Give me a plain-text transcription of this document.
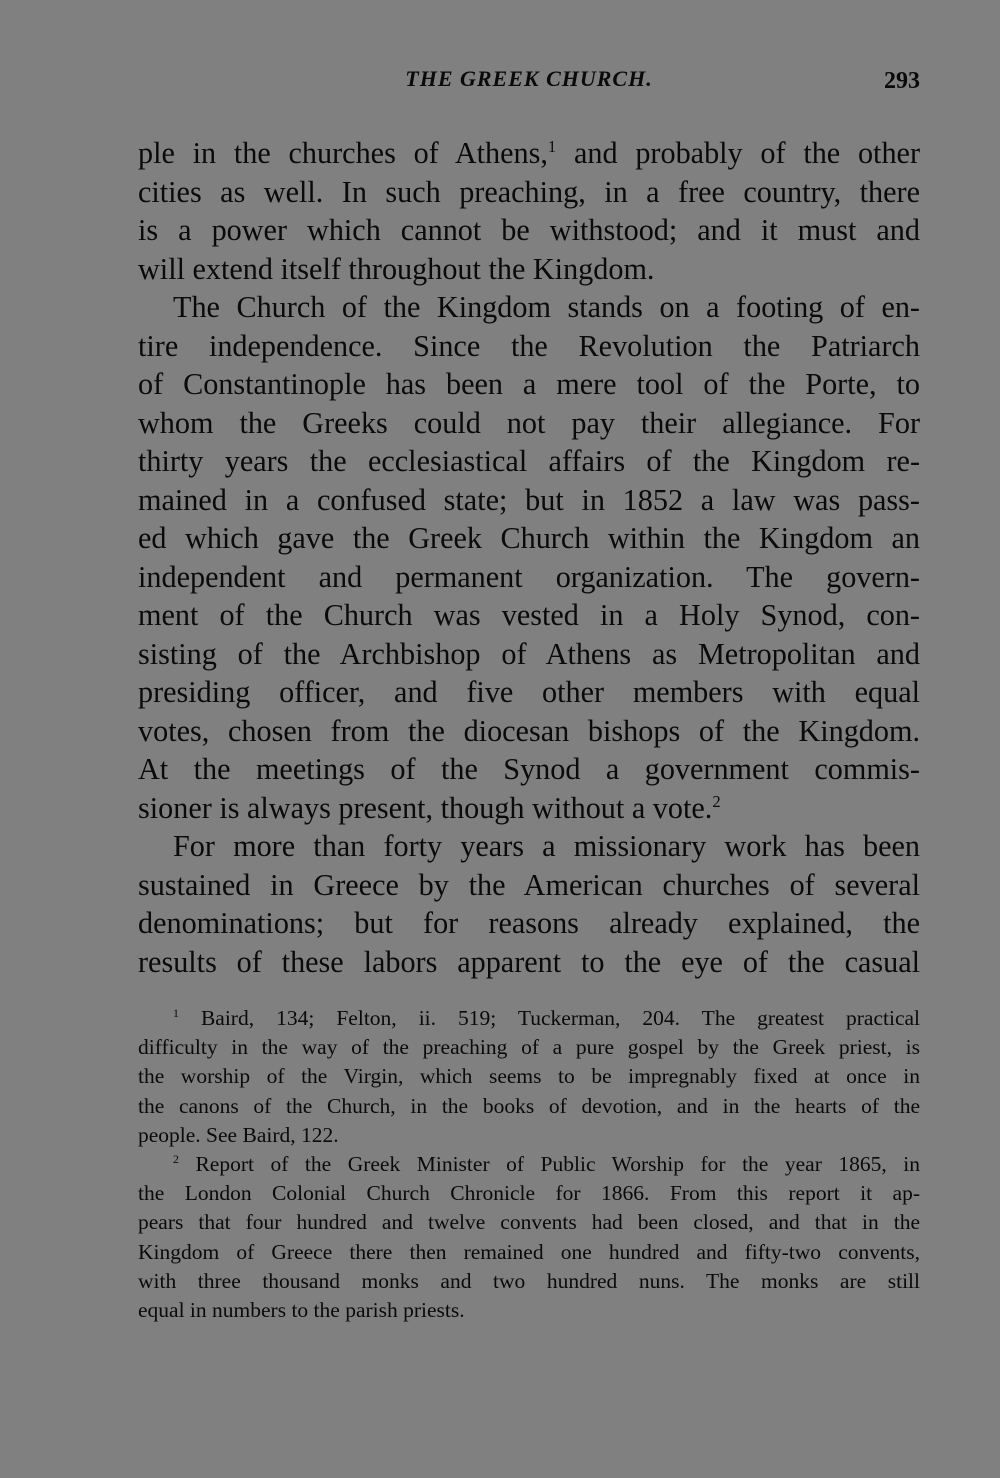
THE GREEK CHURCH.	293
ple in the churches of Athens,$^1$ and probably of the other
cities as well. In such preaching, in a free country, there
is a power which cannot be withstood; and it must and
will extend itself throughout the Kingdom.
The Church of the Kingdom stands on a footing of en-
tire independence. Since the Revolution the Patriarch
of Constantinople has been a mere tool of the Porte, to
whom the Greeks could not pay their allegiance. For
thirty years the ecclesiastical affairs of the Kingdom re-
mained in a confused state; but in 1852 a law was pass-
ed which gave the Greek Church within the Kingdom an
independent and permanent organization. The govern-
ment of the Church was vested in a Holy Synod, con-
sisting of the Archbishop of Athens as Metropolitan and
presiding officer, and five other members with equal
votes, chosen from the diocesan bishops of the Kingdom.
At the meetings of the Synod a government commis-
sioner is always present, though without a vote.$^2$
For more than forty years a missionary work has been
sustained in Greece by the American churches of several
denominations; but for reasons already explained, the
results of these labors apparent to the eye of the casual
$^1$ Baird, 134; Felton, ii. 519; Tuckerman, 204. The greatest practical
difficulty in the way of the preaching of a pure gospel by the Greek priest, is
the worship of the Virgin, which seems to be impregnably fixed at once in
the canons of the Church, in the books of devotion, and in the hearts of the
people. See Baird, 122.
$^2$ Report of the Greek Minister of Public Worship for the year 1865, in
the London Colonial Church Chronicle for 1866. From this report it ap-
pears that four hundred and twelve convents had been closed, and that in the
Kingdom of Greece there then remained one hundred and fifty-two convents,
with three thousand monks and two hundred nuns. The monks are still
equal in numbers to the parish priests.
